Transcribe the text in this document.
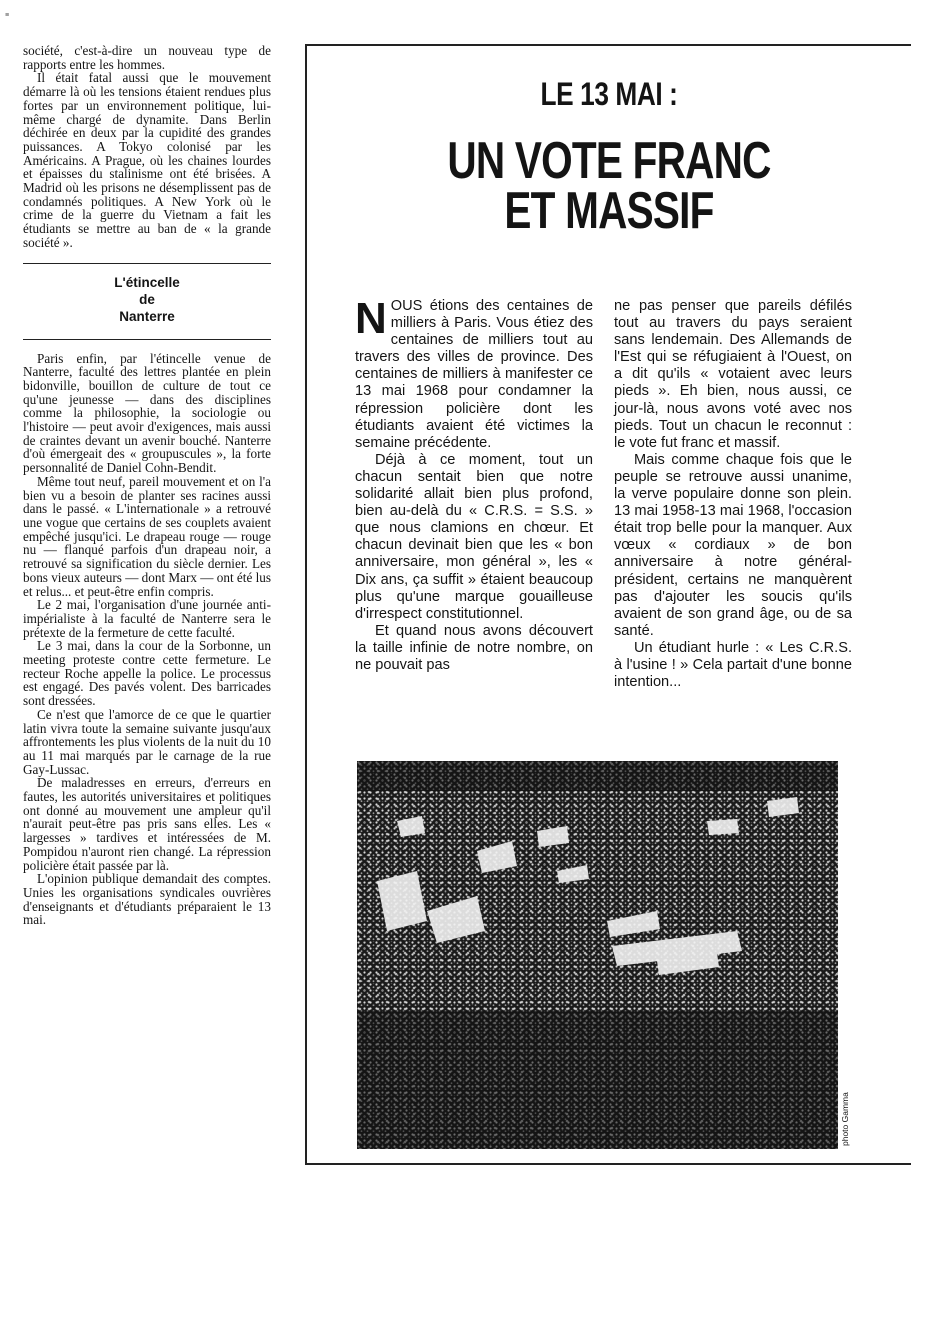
≡

société, c'est-à-dire un nouveau type de rapports entre les hommes.

Il était fatal aussi que le mouvement démarre là où les tensions étaient rendues plus fortes par un environnement politique, lui-même chargé de dynamite. Dans Berlin déchirée en deux par la cupidité des grandes puissances. A Tokyo colonisé par les Américains. A Prague, où les chaines lourdes et épaisses du stalinisme ont été brisées. A Madrid où les prisons ne désemplissent pas de condamnés politiques. A New York où le crime de la guerre du Vietnam a fait les étudiants se mettre au ban de « la grande société ».

L'étincelle
de
Nanterre

Paris enfin, par l'étincelle venue de Nanterre, faculté des lettres plantée en plein bidonville, bouillon de culture de tout ce qu'une jeunesse — dans des disciplines comme la philosophie, la sociologie ou l'histoire — peut avoir d'exigences, mais aussi de craintes devant un avenir bouché. Nanterre d'où émergeait des « groupuscules », la forte personnalité de Daniel Cohn-Bendit.

Même tout neuf, pareil mouvement et on l'a bien vu a besoin de planter ses racines aussi dans le passé. « L'internationale » a retrouvé une vogue que certains de ses couplets avaient empêché jusqu'ici. Le drapeau rouge — rouge nu — flanqué parfois d'un drapeau noir, a retrouvé sa signification du siècle dernier. Les bons vieux auteurs — dont Marx — ont été lus et relus... et peut-être enfin compris.

Le 2 mai, l'organisation d'une journée anti-impérialiste à la faculté de Nanterre sera le prétexte de la fermeture de cette faculté.

Le 3 mai, dans la cour de la Sorbonne, un meeting proteste contre cette fermeture. Le recteur Roche appelle la police. Le processus est engagé. Des pavés volent. Des barricades sont dressées.

Ce n'est que l'amorce de ce que le quartier latin vivra toute la semaine suivante jusqu'aux affrontements les plus violents de la nuit du 10 au 11 mai marqués par le carnage de la rue Gay-Lussac.

De maladresses en erreurs, d'erreurs en fautes, les autorités universitaires et politiques ont donné au mouvement une ampleur qu'il n'aurait peut-être pas pris sans elles. Les « largesses » tardives et intéressées de M. Pompidou n'auront rien changé. La répression policière était passée par là.

L'opinion publique demandait des comptes. Unies les organisations syndicales ouvrières d'enseignants et d'étudiants préparaient le 13 mai.

LE 13 MAI :
UN VOTE FRANC
ET MASSIF

NOUS étions des centaines de milliers à Paris. Vous étiez des centaines de milliers tout au travers des villes de province. Des centaines de milliers à manifester ce 13 mai 1968 pour condamner la répression policière dont les étudiants avaient été victimes la semaine précédente.

Déjà à ce moment, tout un chacun sentait bien que notre solidarité allait bien plus profond, bien au-delà du « C.R.S. = S.S. » que nous clamions en chœur. Et chacun devinait bien que les « bon anniversaire, mon général », les « Dix ans, ça suffit » étaient beaucoup plus qu'une marque gouailleuse d'irrespect constitutionnel.

Et quand nous avons découvert la taille infinie de notre nombre, on ne pouvait pas

ne pas penser que pareils défilés tout au travers du pays seraient sans lendemain. Des Allemands de l'Est qui se réfugiaient à l'Ouest, on a dit qu'ils « votaient avec leurs pieds ». Eh bien, nous aussi, ce jour-là, nous avons voté avec nos pieds. Tout un chacun le reconnut : le vote fut franc et massif.

Mais comme chaque fois que le peuple se retrouve aussi unanime, la verve populaire donne son plein. 13 mai 1958-13 mai 1968, l'occasion était trop belle pour la manquer. Aux vœux « cordiaux » de bon anniversaire à notre général-président, certains ne manquèrent pas d'ajouter les soucis qu'ils avaient de son grand âge, ou de sa santé.

Un étudiant hurle : « Les C.R.S. à l'usine ! » Cela partait d'une bonne intention...

photo Gamma
